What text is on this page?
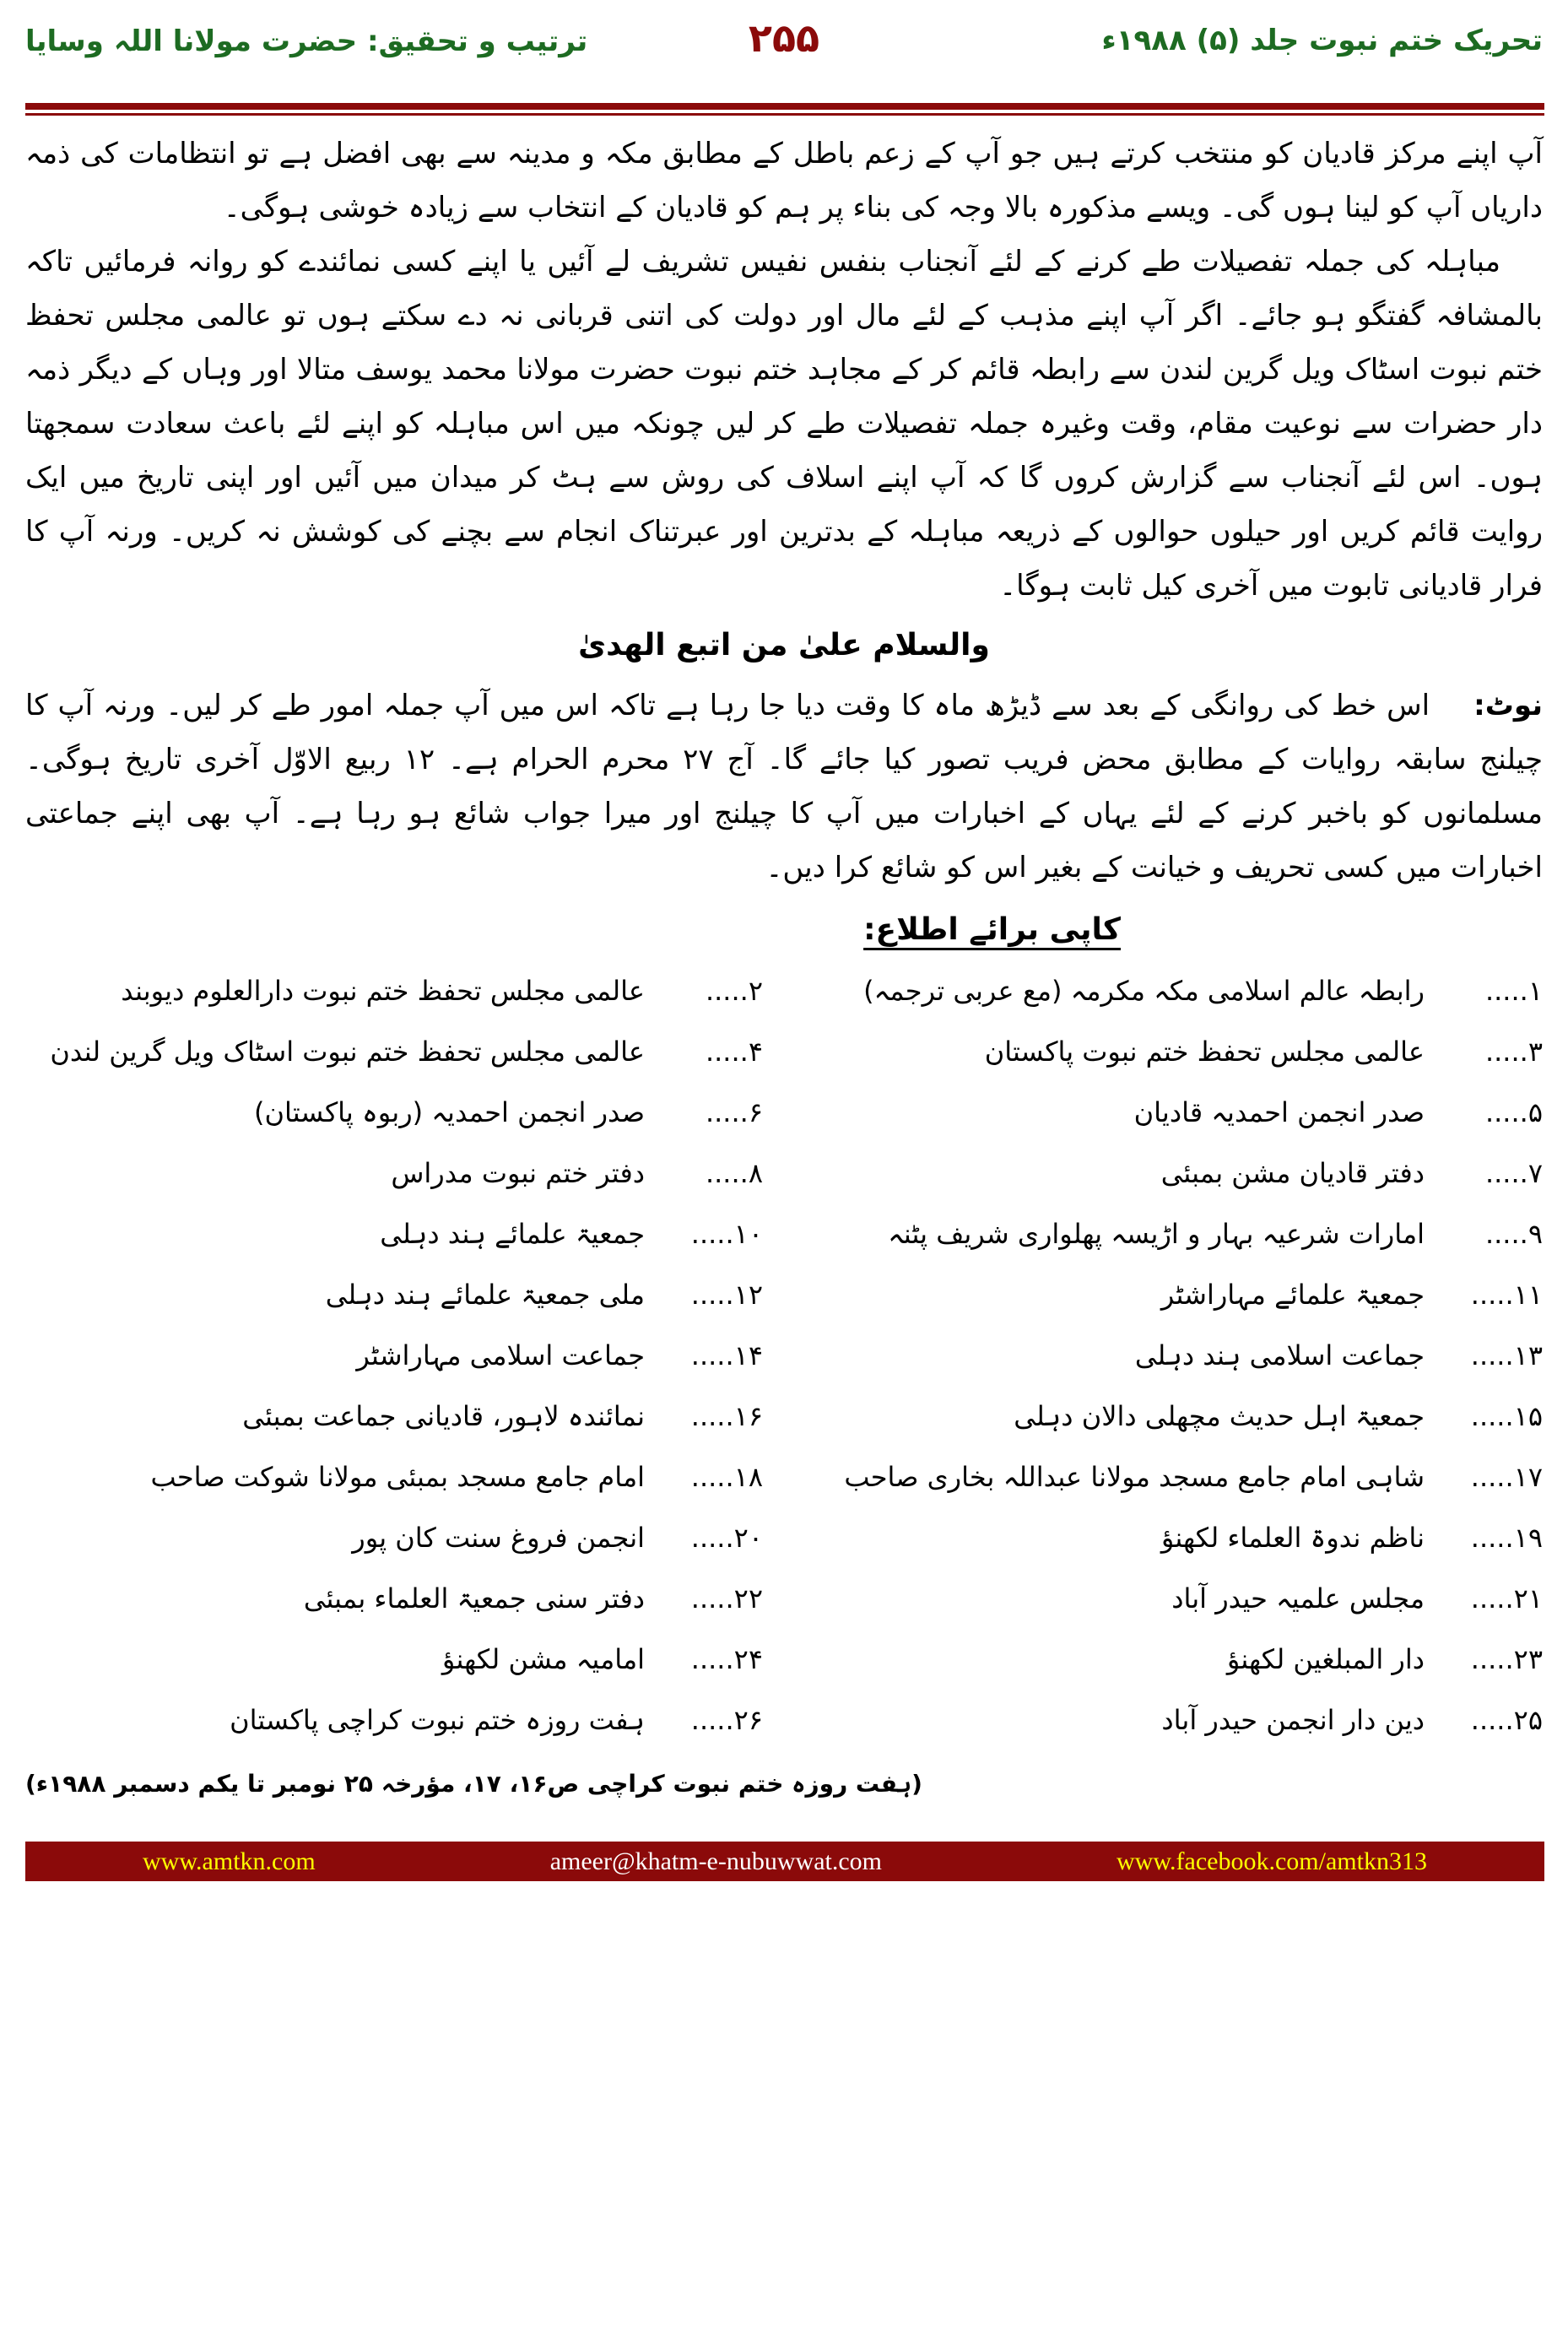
تحریک ختم نبوت جلد (۵) ۱۹۸۸ء
۲۵۵
ترتیب و تحقیق: حضرت مولانا اللہ وسایا

آپ اپنے مرکز قادیان کو منتخب کرتے ہیں جو آپ کے زعم باطل کے مطابق مکہ و مدینہ سے بھی افضل ہے تو انتظامات کی ذمہ داریاں آپ کو لینا ہوں گی۔ ویسے مذکورہ بالا وجہ کی بناء پر ہم کو قادیان کے انتخاب سے زیادہ خوشی ہوگی۔

مباہلہ کی جملہ تفصیلات طے کرنے کے لئے آنجناب بنفس نفیس تشریف لے آئیں یا اپنے کسی نمائندے کو روانہ فرمائیں تاکہ بالمشافہ گفتگو ہو جائے۔ اگر آپ اپنے مذہب کے لئے مال اور دولت کی اتنی قربانی نہ دے سکتے ہوں تو عالمی مجلس تحفظ ختم نبوت اسٹاک ویل گرین لندن سے رابطہ قائم کر کے مجاہد ختم نبوت حضرت مولانا محمد یوسف متالا اور وہاں کے دیگر ذمہ دار حضرات سے نوعیت مقام، وقت وغیرہ جملہ تفصیلات طے کر لیں چونکہ میں اس مباہلہ کو اپنے لئے باعث سعادت سمجھتا ہوں۔ اس لئے آنجناب سے گزارش کروں گا کہ آپ اپنے اسلاف کی روش سے ہٹ کر میدان میں آئیں اور اپنی تاریخ میں ایک روایت قائم کریں اور حیلوں حوالوں کے ذریعہ مباہلہ کے بدترین اور عبرتناک انجام سے بچنے کی کوشش نہ کریں۔ ورنہ آپ کا فرار قادیانی تابوت میں آخری کیل ثابت ہوگا۔

والسلام علیٰ من اتبع الهدیٰ

نوٹ: اس خط کی روانگی کے بعد سے ڈیڑھ ماہ کا وقت دیا جا رہا ہے تاکہ اس میں آپ جملہ امور طے کر لیں۔ ورنہ آپ کا چیلنج سابقہ روایات کے مطابق محض فریب تصور کیا جائے گا۔ آج ۲۷ محرم الحرام ہے۔ ۱۲ ربیع الاوّل آخری تاریخ ہوگی۔ مسلمانوں کو باخبر کرنے کے لئے یہاں کے اخبارات میں آپ کا چیلنج اور میرا جواب شائع ہو رہا ہے۔ آپ بھی اپنے جماعتی اخبارات میں کسی تحریف و خیانت کے بغیر اس کو شائع کرا دیں۔

کاپی برائے اطلاع:
۱.....
رابطہ عالم اسلامی مکہ مکرمہ (مع عربی ترجمہ)
۲.....
عالمی مجلس تحفظ ختم نبوت دارالعلوم دیوبند
۳.....
عالمی مجلس تحفظ ختم نبوت پاکستان
۴.....
عالمی مجلس تحفظ ختم نبوت اسٹاک ویل گرین لندن
۵.....
صدر انجمن احمدیہ قادیان
۶.....
صدر انجمن احمدیہ (ربوہ پاکستان)
۷.....
دفتر قادیان مشن بمبئی
۸.....
دفتر ختم نبوت مدراس
۹.....
امارات شرعیہ بہار و اڑیسہ پھلواری شریف پٹنہ
۱۰.....
جمعیۃ علمائے ہند دہلی
۱۱.....
جمعیۃ علمائے مہاراشٹر
۱۲.....
ملی جمعیۃ علمائے ہند دہلی
۱۳.....
جماعت اسلامی ہند دہلی
۱۴.....
جماعت اسلامی مہاراشٹر
۱۵.....
جمعیۃ اہل حدیث مچھلی دالان دہلی
۱۶.....
نمائندہ لاہور، قادیانی جماعت بمبئی
۱۷.....
شاہی امام جامع مسجد مولانا عبداللہ بخاری صاحب
۱۸.....
امام جامع مسجد بمبئی مولانا شوکت صاحب
۱۹.....
ناظم ندوۃ العلماء لکھنؤ
۲۰.....
انجمن فروغ سنت کان پور
۲۱.....
مجلس علمیہ حیدر آباد
۲۲.....
دفتر سنی جمعیۃ العلماء بمبئی
۲۳.....
دار المبلغین لکھنؤ
۲۴.....
امامیہ مشن لکھنؤ
۲۵.....
دین دار انجمن حیدر آباد
۲۶.....
ہفت روزہ ختم نبوت کراچی پاکستان
(ہفت روزہ ختم نبوت کراچی ص۱۶، ۱۷، مؤرخہ ۲۵ نومبر تا یکم دسمبر ۱۹۸۸ء)
www.amtkn.com	ameer@khatm-e-nubuwwat.com	www.facebook.com/amtkn313
